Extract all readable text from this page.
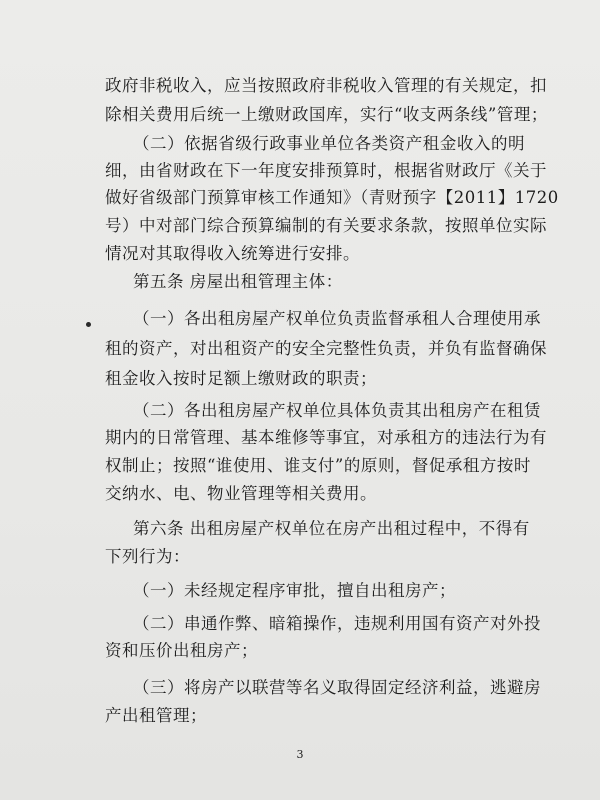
政府非税收入，应当按照政府非税收入管理的有关规定，扣
除相关费用后统一上缴财政国库，实行“收支两条线”管理；
（二）依据省级行政事业单位各类资产租金收入的明
细，由省财政在下一年度安排预算时，根据省财政厅《关于
做好省级部门预算审核工作通知》（青财预字【2011】1720
号）中对部门综合预算编制的有关要求条款，按照单位实际
情况对其取得收入统筹进行安排。
第五条 房屋出租管理主体：
（一）各出租房屋产权单位负责监督承租人合理使用承
租的资产，对出租资产的安全完整性负责，并负有监督确保
租金收入按时足额上缴财政的职责；
（二）各出租房屋产权单位具体负责其出租房产在租赁
期内的日常管理、基本维修等事宜，对承租方的违法行为有
权制止；按照“谁使用、谁支付”的原则，督促承租方按时
交纳水、电、物业管理等相关费用。
第六条 出租房屋产权单位在房产出租过程中，不得有
下列行为：
（一）未经规定程序审批，擅自出租房产；
（二）串通作弊、暗箱操作，违规利用国有资产对外投
资和压价出租房产；
（三）将房产以联营等名义取得固定经济利益，逃避房
产出租管理；
3
